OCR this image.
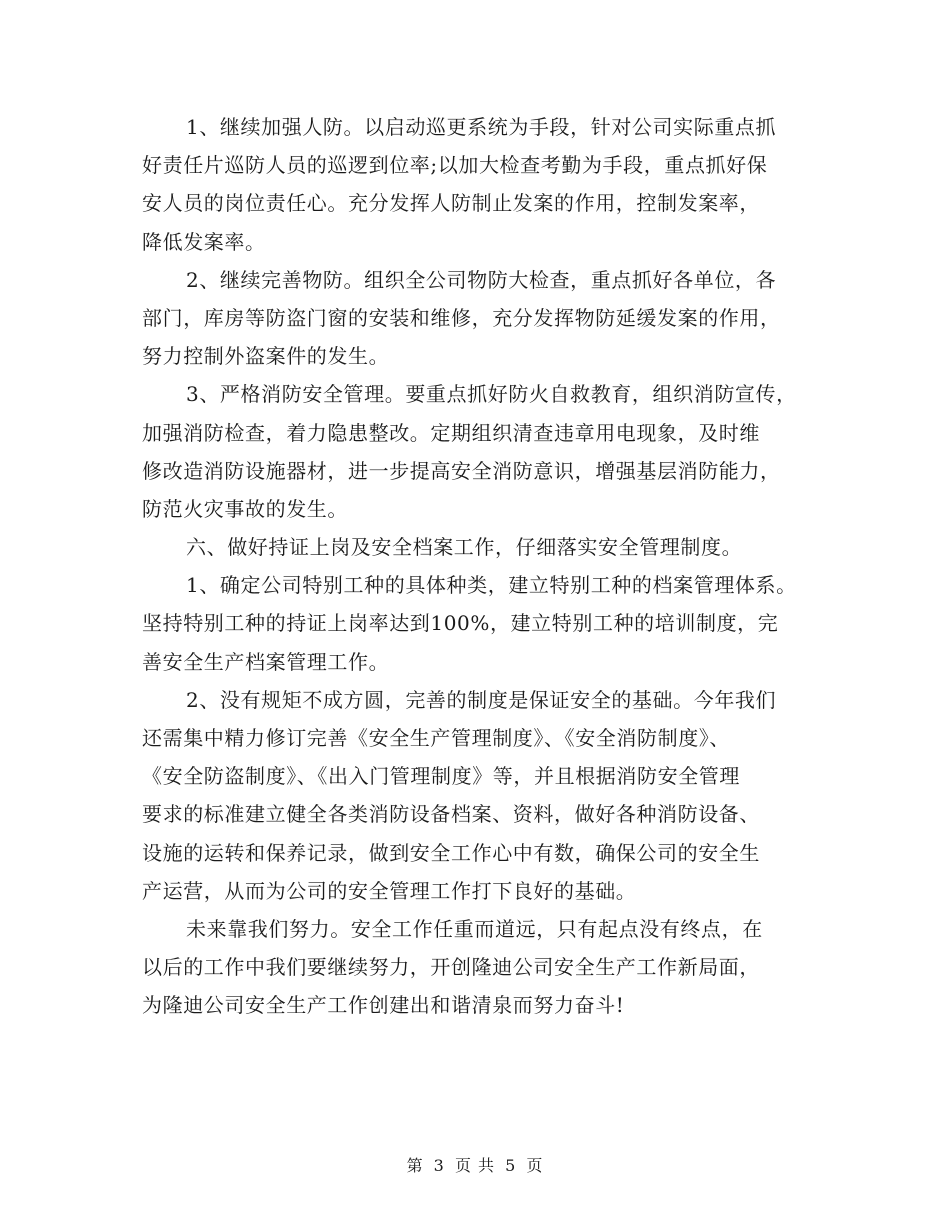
1、继续加强人防。以启动巡更系统为手段，针对公司实际重点抓
好责任片巡防人员的巡逻到位率;以加大检查考勤为手段，重点抓好保
安人员的岗位责任心。充分发挥人防制止发案的作用，控制发案率，
降低发案率。
2、继续完善物防。组织全公司物防大检查，重点抓好各单位，各
部门，库房等防盗门窗的安装和维修，充分发挥物防延缓发案的作用，
努力控制外盗案件的发生。
3、严格消防安全管理。要重点抓好防火自救教育，组织消防宣传，
加强消防检查，着力隐患整改。定期组织清查违章用电现象，及时维
修改造消防设施器材，进一步提高安全消防意识，增强基层消防能力，
防范火灾事故的发生。
六、做好持证上岗及安全档案工作，仔细落实安全管理制度。
1、确定公司特别工种的具体种类，建立特别工种的档案管理体系。
坚持特别工种的持证上岗率达到100%，建立特别工种的培训制度，完
善安全生产档案管理工作。
2、没有规矩不成方圆，完善的制度是保证安全的基础。今年我们
还需集中精力修订完善《安全生产管理制度》、《安全消防制度》、
《安全防盗制度》、《出入门管理制度》等，并且根据消防安全管理
要求的标准建立健全各类消防设备档案、资料，做好各种消防设备、
设施的运转和保养记录，做到安全工作心中有数，确保公司的安全生
产运营，从而为公司的安全管理工作打下良好的基础。
未来靠我们努力。安全工作任重而道远，只有起点没有终点，在
以后的工作中我们要继续努力，开创隆迪公司安全生产工作新局面，
为隆迪公司安全生产工作创建出和谐清泉而努力奋斗!
第 3 页 共 5 页
